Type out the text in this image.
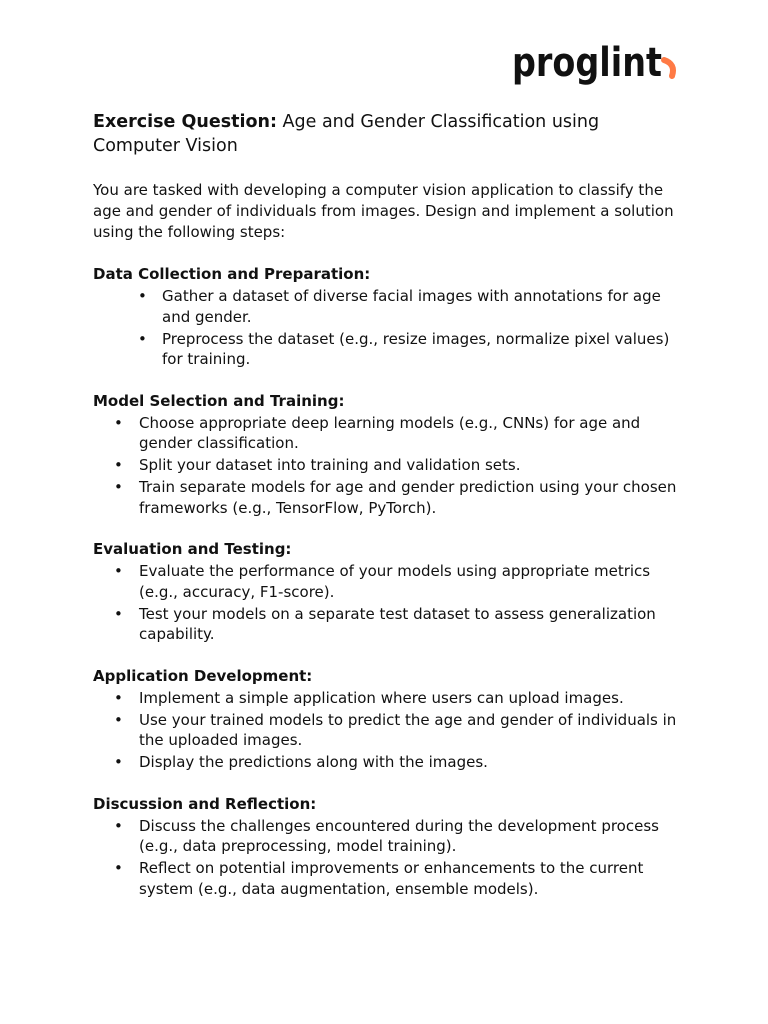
proglint
Exercise Question: Age and Gender Classification using Computer Vision

You are tasked with developing a computer vision application to classify the age and gender of individuals from images. Design and implement a solution using the following steps:

Data Collection and Preparation:

• Gather a dataset of diverse facial images with annotations for age and gender.
• Preprocess the dataset (e.g., resize images, normalize pixel values) for training.

Model Selection and Training:

• Choose appropriate deep learning models (e.g., CNNs) for age and gender classification.
• Split your dataset into training and validation sets.
• Train separate models for age and gender prediction using your chosen frameworks (e.g., TensorFlow, PyTorch).

Evaluation and Testing:

• Evaluate the performance of your models using appropriate metrics (e.g., accuracy, F1-score).
• Test your models on a separate test dataset to assess generalization capability.

Application Development:

• Implement a simple application where users can upload images.
• Use your trained models to predict the age and gender of individuals in the uploaded images.
• Display the predictions along with the images.

Discussion and Reflection:

• Discuss the challenges encountered during the development process (e.g., data preprocessing, model training).
• Reflect on potential improvements or enhancements to the current system (e.g., data augmentation, ensemble models).
